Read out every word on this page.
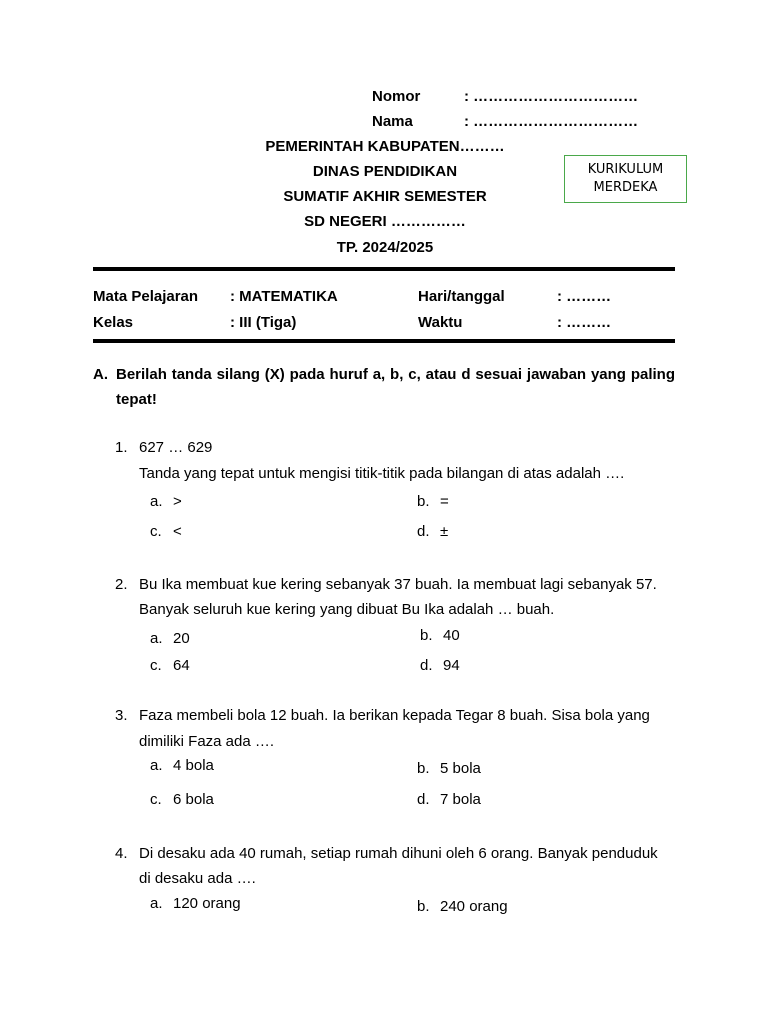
Nomor	: ……………………………
Nama	: ……………………………
PEMERINTAH KABUPATEN………
DINAS PENDIDIKAN
SUMATIF AKHIR SEMESTER
SD NEGERI ……………
TP. 2024/2025
KURIKULUM
MERDEKA
Mata Pelajaran : MATEMATIKA	Hari/tanggal	: ………
Kelas	: III (Tiga)	Waktu	: ………
A. Berilah tanda silang (X) pada huruf a, b, c, atau d sesuai jawaban yang paling tepat!
1. 627 … 629
Tanda yang tepat untuk mengisi titik-titik pada bilangan di atas adalah ….
a. >	b. =
c. <	d. ±
2. Bu Ika membuat kue kering sebanyak 37 buah. Ia membuat lagi sebanyak 57.
Banyak seluruh kue kering yang dibuat Bu Ika adalah … buah.
a. 20	b. 40
c. 64	d. 94
3. Faza membeli bola 12 buah. Ia berikan kepada Tegar 8 buah. Sisa bola yang
dimiliki Faza ada ….
a. 4 bola	b. 5 bola
c. 6 bola	d. 7 bola
4. Di desaku ada 40 rumah, setiap rumah dihuni oleh 6 orang. Banyak penduduk
di desaku ada ….
a. 120 orang	b. 240 orang
